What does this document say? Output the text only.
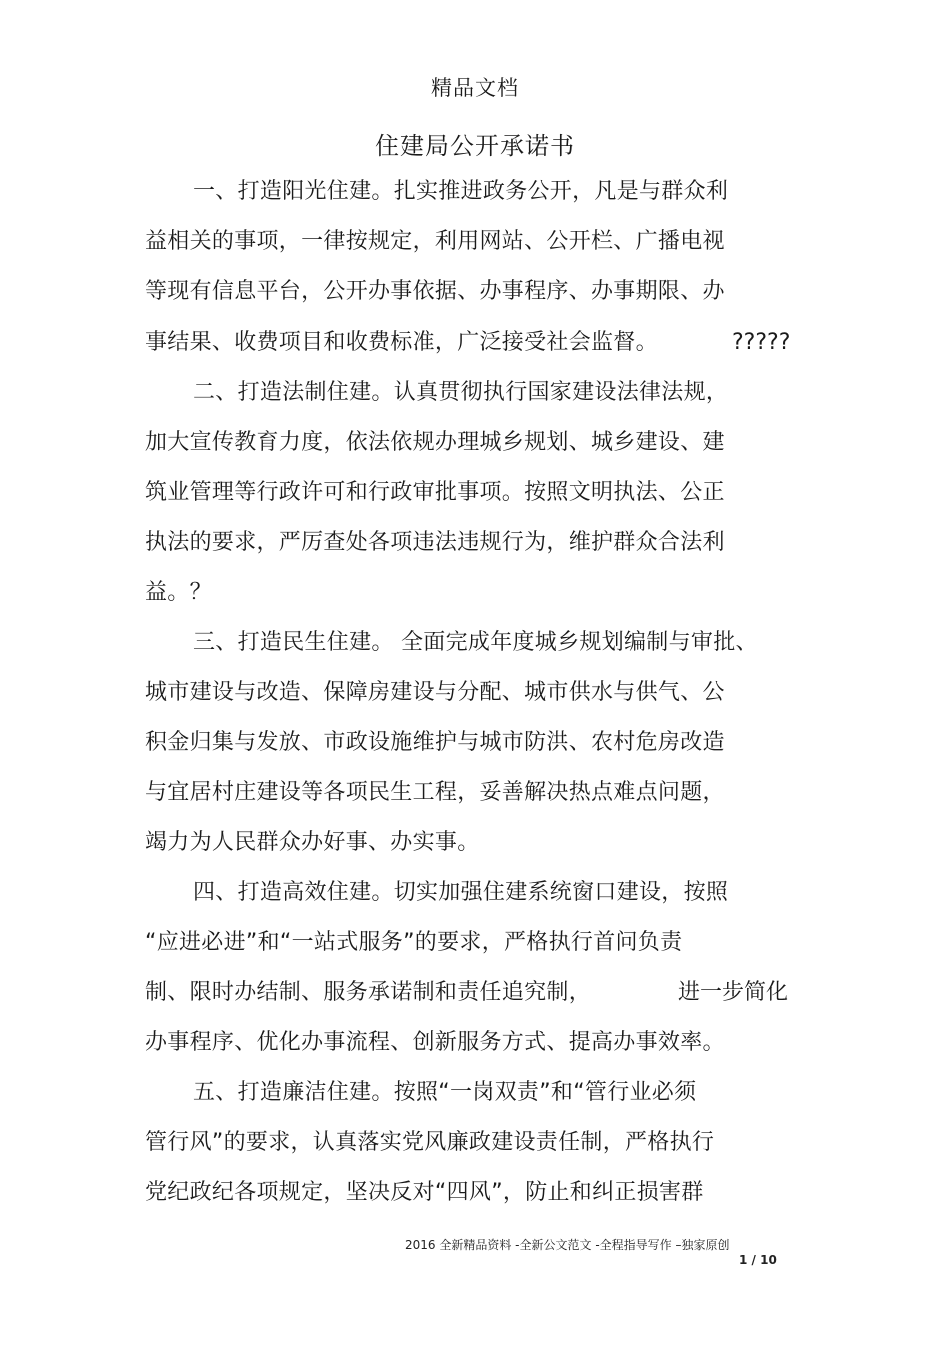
精品文档
住建局公开承诺书
一、打造阳光住建。扎实推进政务公开，凡是与群众利
益相关的事项，一律按规定，利用网站、公开栏、广播电视
等现有信息平台，公开办事依据、办事程序、办事期限、办
事结果、收费项目和收费标准，广泛接受社会监督。	?????
二、打造法制住建。认真贯彻执行国家建设法律法规，
加大宣传教育力度，依法依规办理城乡规划、城乡建设、建
筑业管理等行政许可和行政审批事项。按照文明执法、公正
执法的要求，严厉查处各项违法违规行为，维护群众合法利
益。？
三、打造民生住建。 全面完成年度城乡规划编制与审批、
城市建设与改造、保障房建设与分配、城市供水与供气、公
积金归集与发放、市政设施维护与城市防洪、农村危房改造
与宜居村庄建设等各项民生工程，妥善解决热点难点问题，
竭力为人民群众办好事、办实事。
四、打造高效住建。切实加强住建系统窗口建设，按照
“应进必进”和“一站式服务”的要求，严格执行首问负责
制、限时办结制、服务承诺制和责任追究制，	进一步简化
办事程序、优化办事流程、创新服务方式、提高办事效率。
五、打造廉洁住建。按照“一岗双责”和“管行业必须
管行风”的要求，认真落实党风廉政建设责任制，严格执行
党纪政纪各项规定，坚决反对“四风”，防止和纠正损害群
2016 全新精品资料 -全新公文范文 -全程指导写作 –独家原创
1 / 10
